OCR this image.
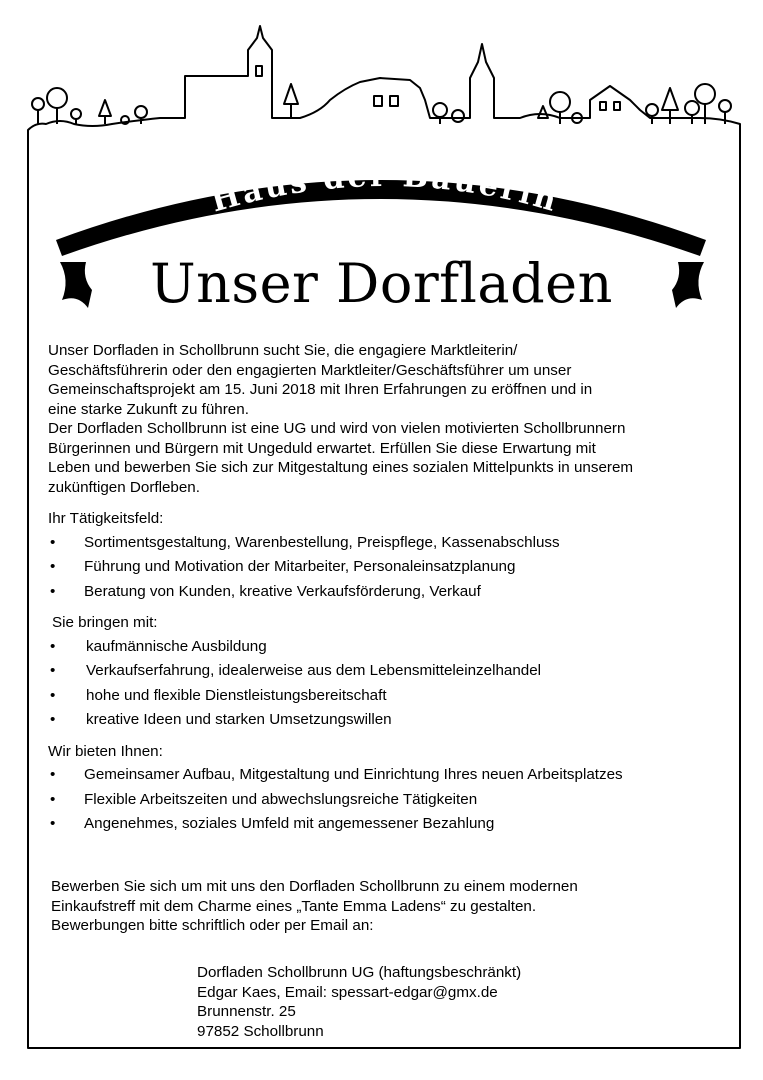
Haus der Bäuerin
Unser Dorfladen

Unser Dorfladen in Schollbrunn sucht Sie, die engagiere Marktleiterin/

Geschäftsführerin oder den engagierten Marktleiter/Geschäftsführer um unser

Gemeinschaftsprojekt am 15. Juni 2018 mit Ihren Erfahrungen zu eröffnen und in

eine starke Zukunft zu führen.

Der Dorfladen Schollbrunn ist eine UG und wird von vielen motivierten Schollbrunnern

Bürgerinnen und Bürgern mit Ungeduld erwartet. Erfüllen Sie diese Erwartung mit

Leben und bewerben Sie sich zur Mitgestaltung eines sozialen Mittelpunkts in unserem

zukünftigen Dorfleben.

Ihr Tätigkeitsfeld:

• Sortimentsgestaltung, Warenbestellung, Preispflege, Kassenabschluss
• Führung und Motivation der Mitarbeiter, Personaleinsatzplanung
• Beratung von Kunden, kreative Verkaufsförderung, Verkauf

Sie bringen mit:

• kaufmännische Ausbildung
• Verkaufserfahrung, idealerweise aus dem Lebensmitteleinzelhandel
• hohe und flexible Dienstleistungsbereitschaft
• kreative Ideen und starken Umsetzungswillen

Wir bieten Ihnen:

• Gemeinsamer Aufbau, Mitgestaltung und Einrichtung Ihres neuen Arbeitsplatzes
• Flexible Arbeitszeiten und abwechslungsreiche Tätigkeiten
• Angenehmes, soziales Umfeld mit angemessener Bezahlung

Bewerben Sie sich um mit uns den Dorfladen Schollbrunn zu einem modernen

Einkaufstreff mit dem Charme eines „Tante Emma Ladens“ zu gestalten.

Bewerbungen bitte schriftlich oder per Email an:

Dorfladen Schollbrunn UG (haftungsbeschränkt)
Edgar Kaes, Email: spessart-edgar@gmx.de
Brunnenstr. 25
97852 Schollbrunn
